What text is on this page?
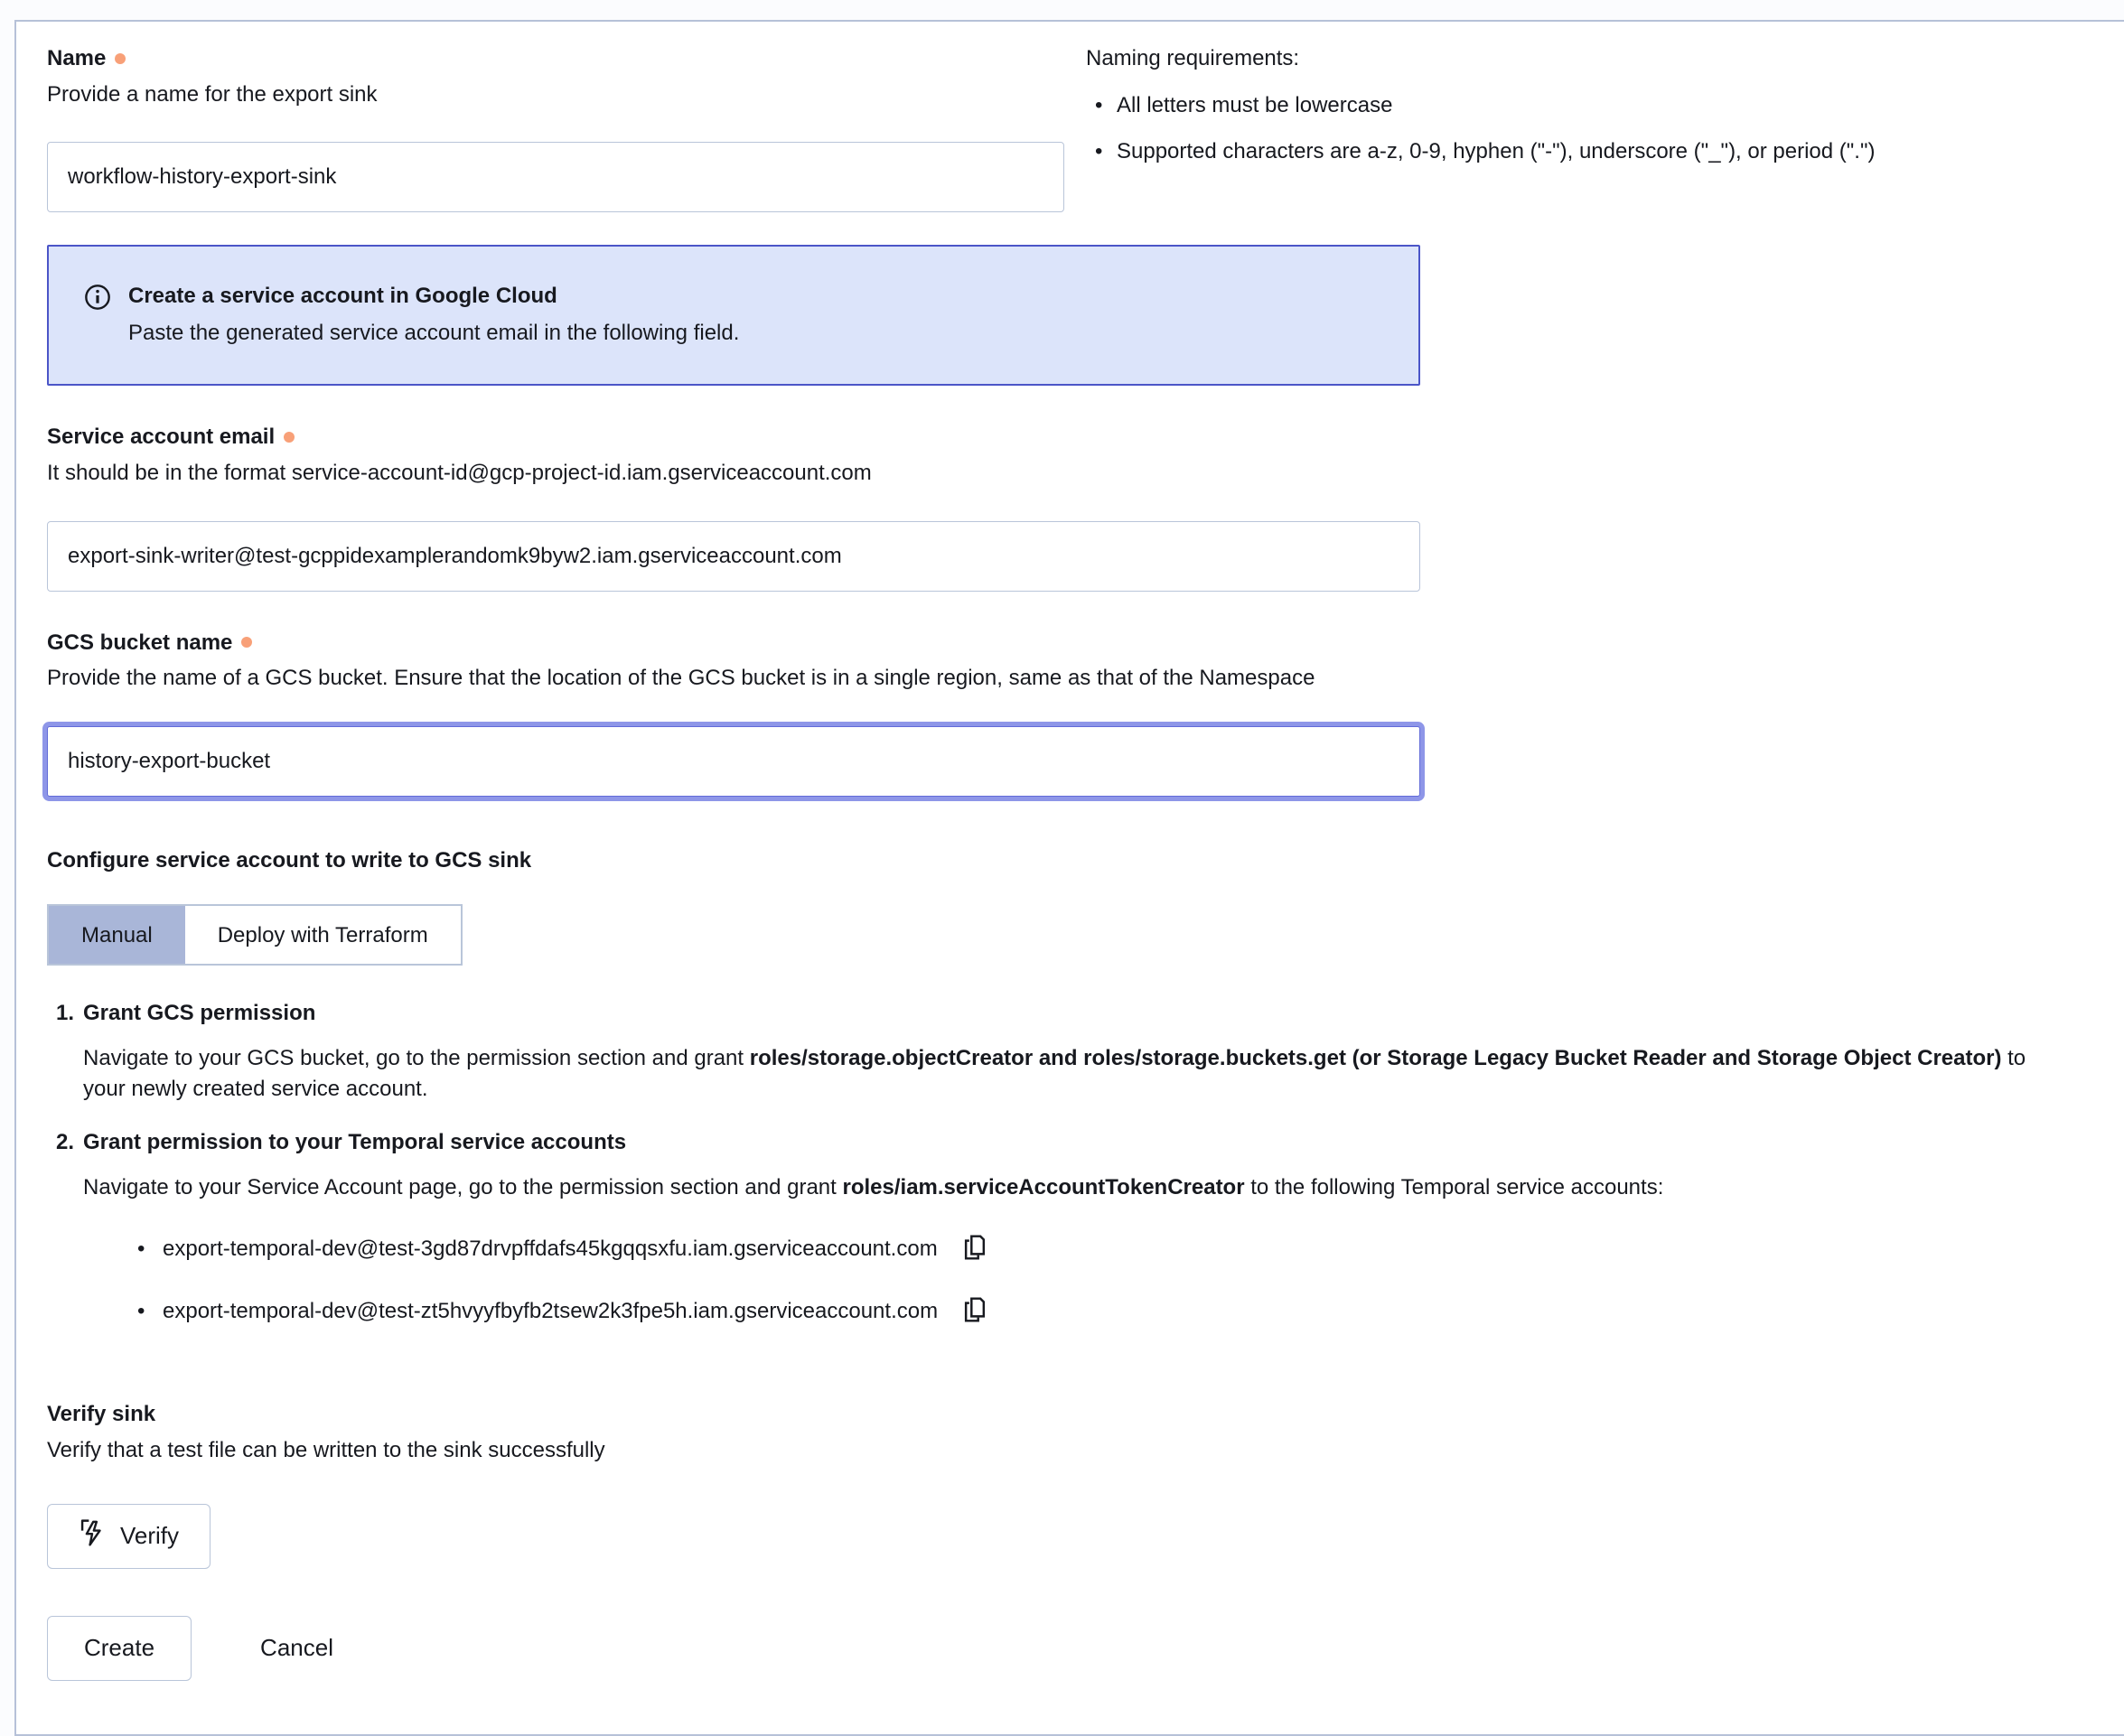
Name
Provide a name for the export sink
workflow-history-export-sink
Naming requirements:
• All letters must be lowercase
• Supported characters are a-z, 0-9, hyphen ("-"), underscore ("_"), or period (".")
Create a service account in Google Cloud
Paste the generated service account email in the following field.
Service account email
It should be in the format service-account-id@gcp-project-id.iam.gserviceaccount.com
export-sink-writer@test-gcppidexamplerandomk9byw2.iam.gserviceaccount.com
GCS bucket name
Provide the name of a GCS bucket. Ensure that the location of the GCS bucket is in a single region, same as that of the Namespace
history-export-bucket
Configure service account to write to GCS sink
Manual	Deploy with Terraform
1. Grant GCS permission
Navigate to your GCS bucket, go to the permission section and grant roles/storage.objectCreator and roles/storage.buckets.get (or Storage Legacy Bucket Reader and Storage Object Creator) to your newly created service account.
2. Grant permission to your Temporal service accounts
Navigate to your Service Account page, go to the permission section and grant roles/iam.serviceAccountTokenCreator to the following Temporal service accounts:
• export-temporal-dev@test-3gd87drvpffdafs45kgqqsxfu.iam.gserviceaccount.com
• export-temporal-dev@test-zt5hvyyfbyfb2tsew2k3fpe5h.iam.gserviceaccount.com
Verify sink
Verify that a test file can be written to the sink successfully
Verify
Create	Cancel
